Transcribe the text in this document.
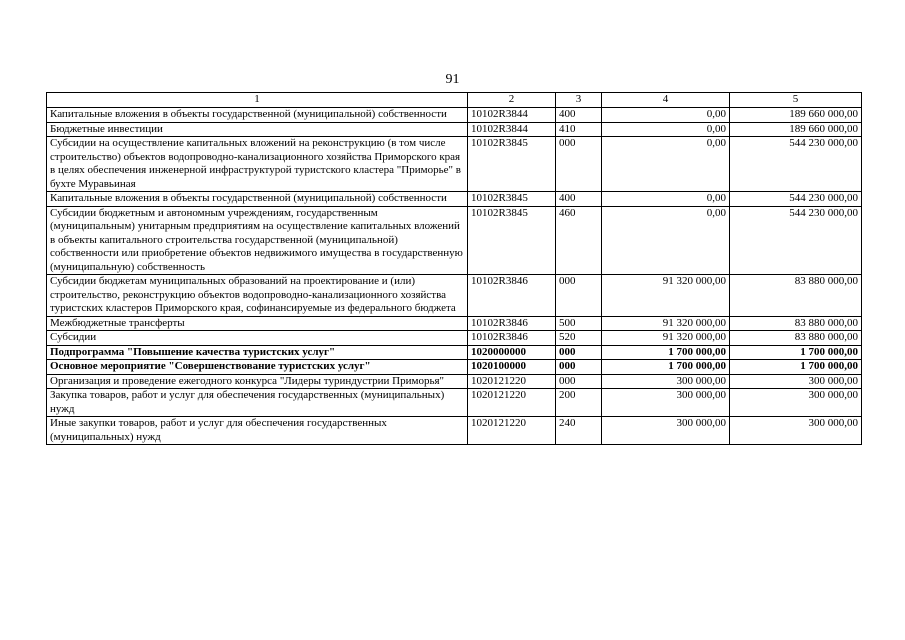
91
1	2	3	4	5
Капитальные вложения в объекты государственной (муниципальной) собственности	10102R3844	400	0,00	189 660 000,00
Бюджетные инвестиции	10102R3844	410	0,00	189 660 000,00
Субсидии на осуществление капитальных вложений на реконструкцию (в том числе строительство) объектов водопроводно-канализационного хозяйства Приморского края в целях обеспечения инженерной инфраструктурой туристского кластера "Приморье" в бухте Муравьиная	10102R3845	000	0,00	544 230 000,00
Капитальные вложения в объекты государственной (муниципальной) собственности	10102R3845	400	0,00	544 230 000,00
Субсидии бюджетным и автономным учреждениям, государственным (муниципальным) унитарным предприятиям на осуществление капитальных вложений в объекты капитального строительства государственной (муниципальной) собственности или приобретение объектов недвижимого имущества в государственную (муниципальную) собственность	10102R3845	460	0,00	544 230 000,00
Субсидии бюджетам муниципальных образований на проектирование и (или) строительство, реконструкцию объектов водопроводно-канализационного хозяйства туристских кластеров Приморского края, софинансируемые из федерального бюджета	10102R3846	000	91 320 000,00	83 880 000,00
Межбюджетные трансферты	10102R3846	500	91 320 000,00	83 880 000,00
Субсидии	10102R3846	520	91 320 000,00	83 880 000,00
Подпрограмма "Повышение качества туристских услуг"	1020000000	000	1 700 000,00	1 700 000,00
Основное мероприятие "Совершенствование туристских услуг"	1020100000	000	1 700 000,00	1 700 000,00
Организация и проведение ежегодного конкурса "Лидеры туриндустрии Приморья"	1020121220	000	300 000,00	300 000,00
Закупка товаров, работ и услуг для обеспечения государственных (муниципальных) нужд	1020121220	200	300 000,00	300 000,00
Иные закупки товаров, работ и услуг для обеспечения государственных (муниципальных) нужд	1020121220	240	300 000,00	300 000,00
